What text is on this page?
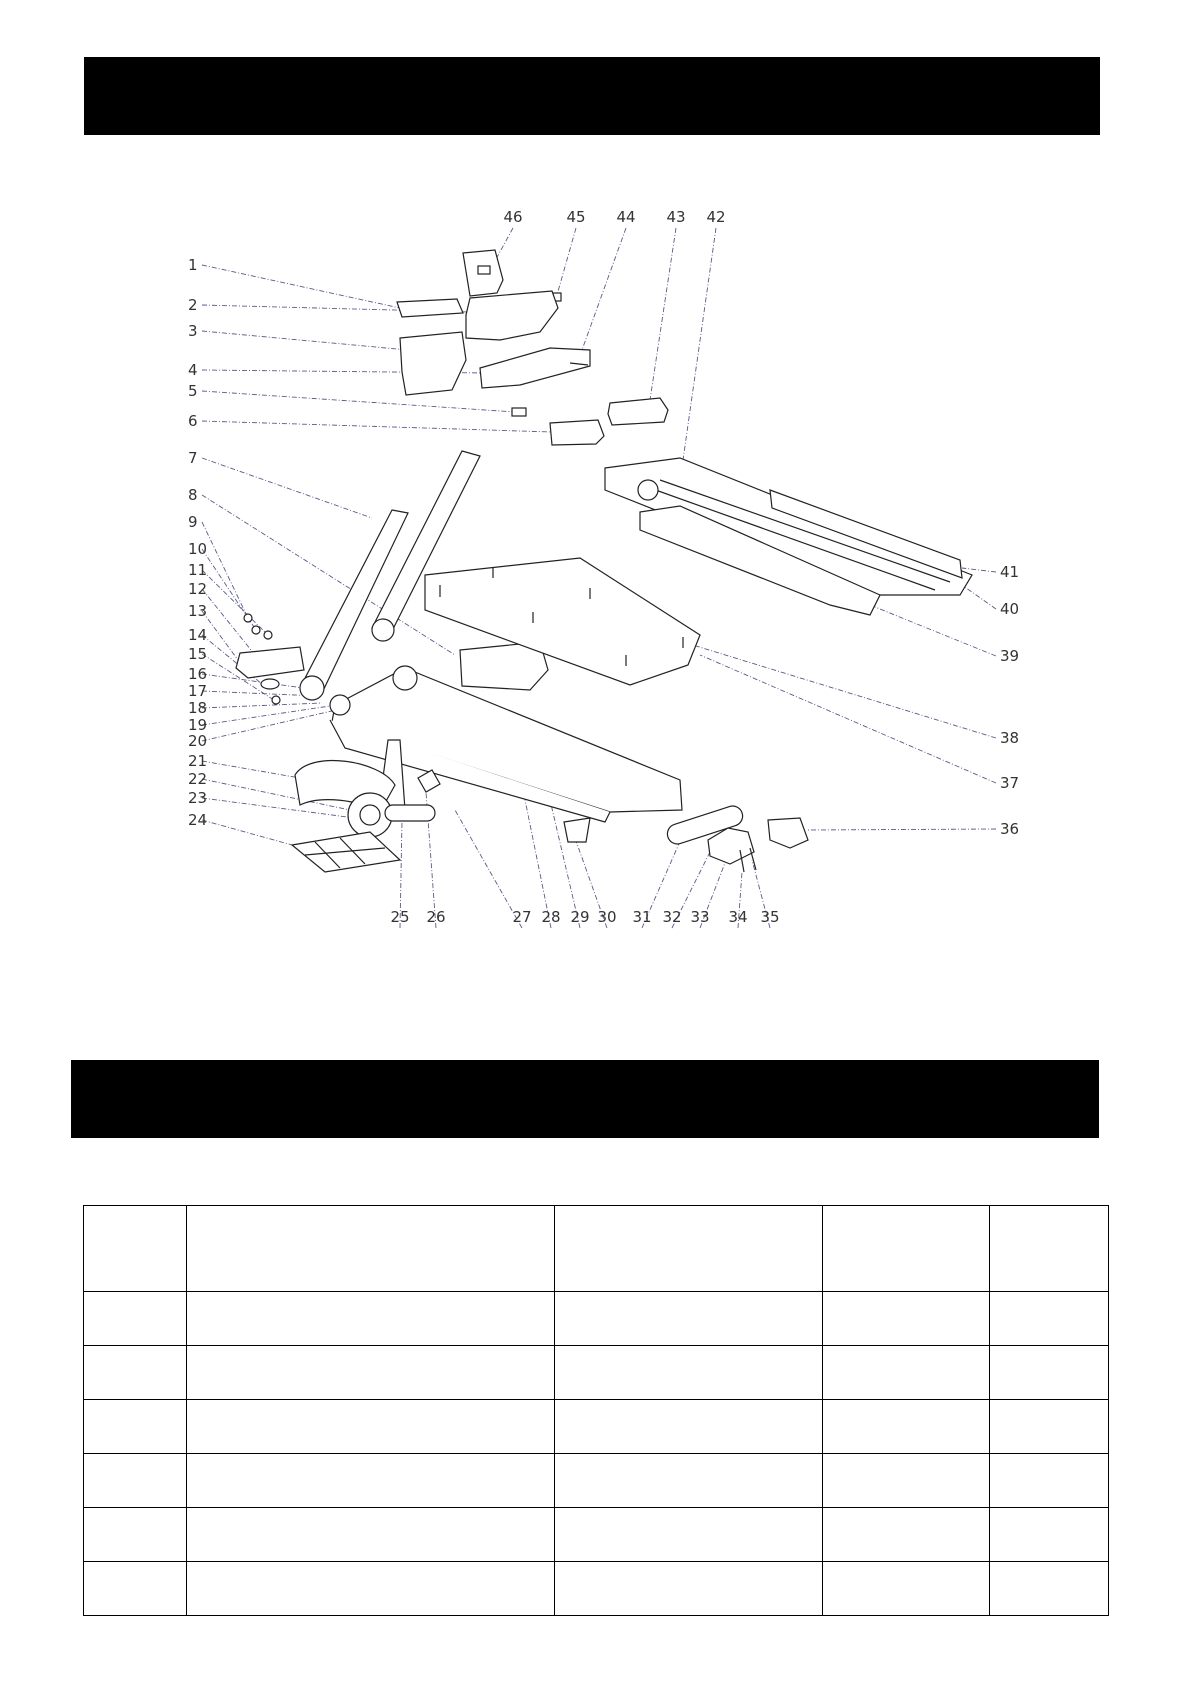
1
2
3
4
5
6
7
8
9
10
11
12
13
14
15
16
17
18
19
20
21
22
23
24
25 26	27 28 29 30 31 32 33 34 35
36
37
38
39
40
41
42
43
44
45
46
